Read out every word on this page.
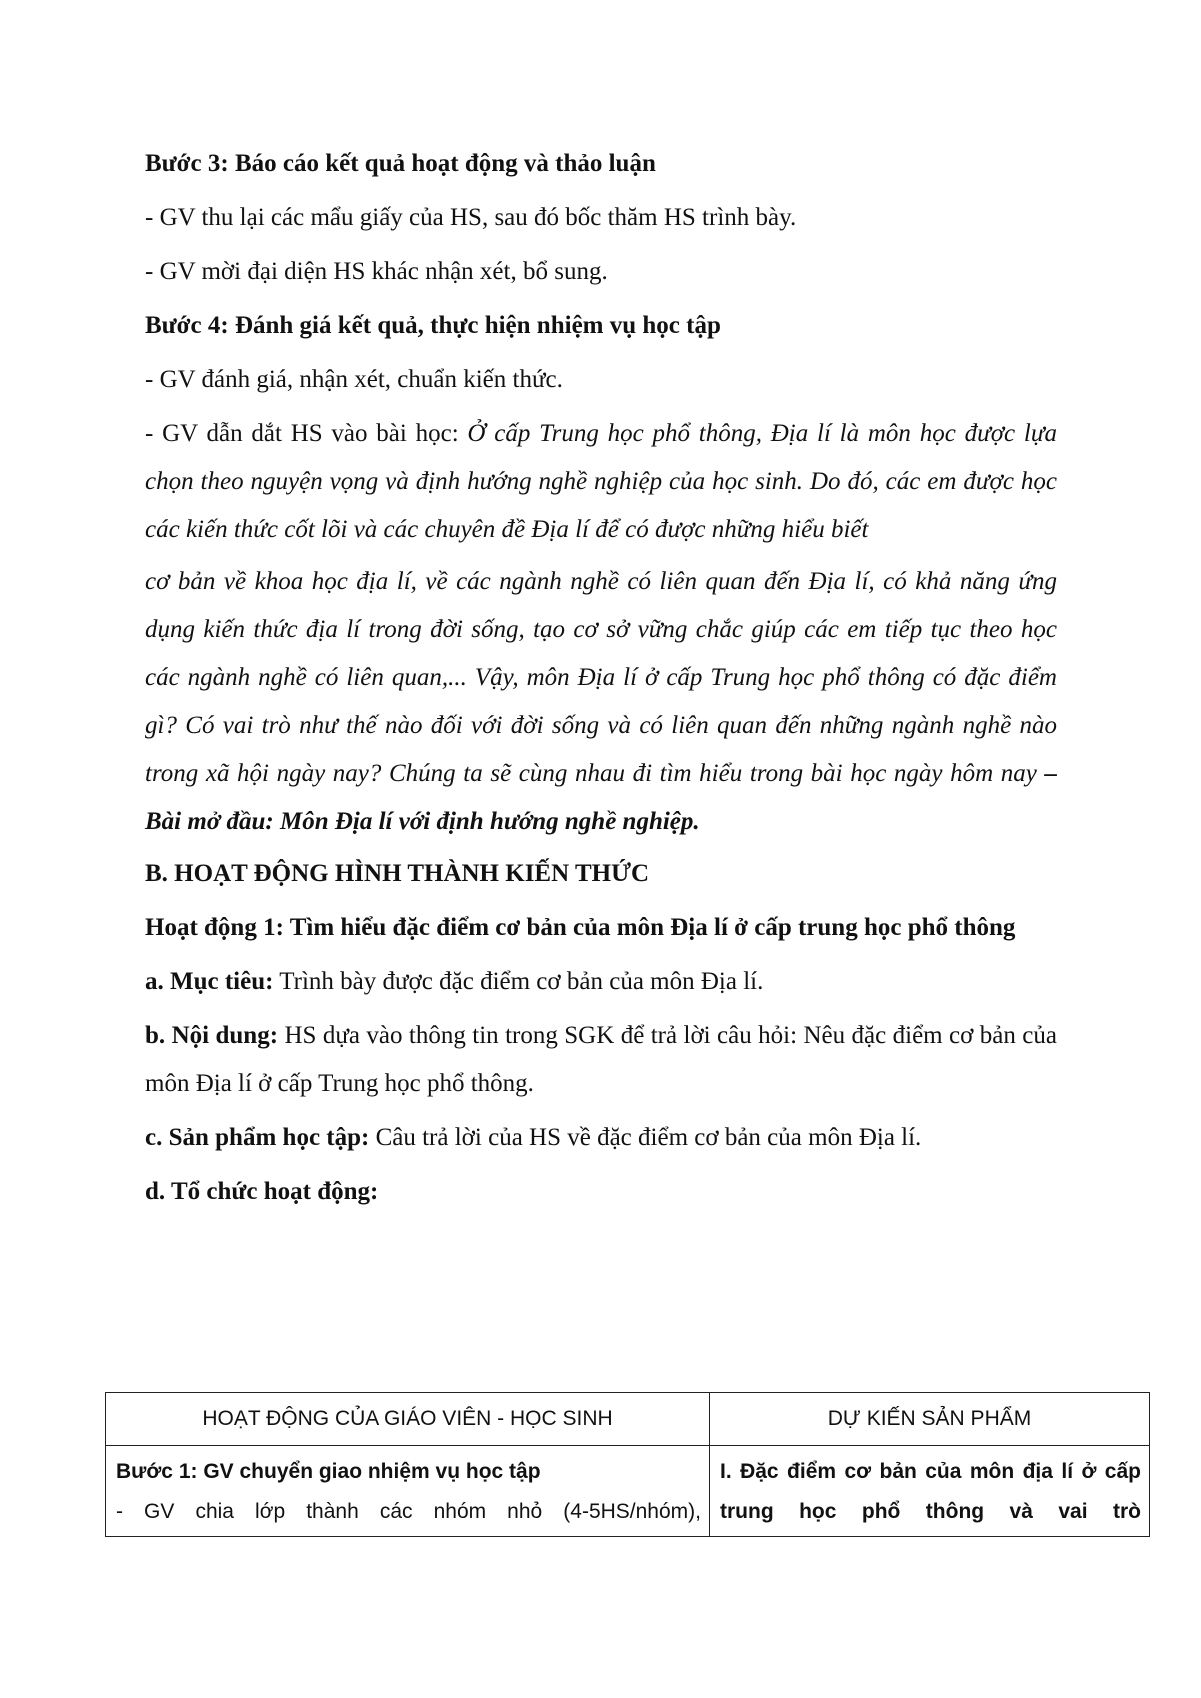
Bước 3: Báo cáo kết quả hoạt động và thảo luận

- GV thu lại các mẩu giấy của HS, sau đó bốc thăm HS trình bày.

- GV mời đại diện HS khác nhận xét, bổ sung.

Bước 4: Đánh giá kết quả, thực hiện nhiệm vụ học tập

- GV đánh giá, nhận xét, chuẩn kiến thức.

- GV dẫn dắt HS vào bài học: Ở cấp Trung học phổ thông, Địa lí là môn học được lựa chọn theo nguyện vọng và định hướng nghề nghiệp của học sinh. Do đó, các em được học các kiến thức cốt lõi và các chuyên đề Địa lí để có được những hiểu biết

cơ bản về khoa học địa lí, về các ngành nghề có liên quan đến Địa lí, có khả năng ứng dụng kiến thức địa lí trong đời sống, tạo cơ sở vững chắc giúp các em tiếp tục theo học các ngành nghề có liên quan,... Vậy, môn Địa lí ở cấp Trung học phổ thông có đặc điểm gì? Có vai trò như thế nào đối với đời sống và có liên quan đến những ngành nghề nào trong xã hội ngày nay? Chúng ta sẽ cùng nhau đi tìm hiểu trong bài học ngày hôm nay – Bài mở đầu: Môn Địa lí với định hướng nghề nghiệp.

B. HOẠT ĐỘNG HÌNH THÀNH KIẾN THỨC

Hoạt động 1: Tìm hiểu đặc điểm cơ bản của môn Địa lí ở cấp trung học phổ thông

a. Mục tiêu: Trình bày được đặc điểm cơ bản của môn Địa lí.

b. Nội dung: HS dựa vào thông tin trong SGK để trả lời câu hỏi: Nêu đặc điểm cơ bản của môn Địa lí ở cấp Trung học phổ thông.

c. Sản phẩm học tập: Câu trả lời của HS về đặc điểm cơ bản của môn Địa lí.

d. Tổ chức hoạt động:

HOẠT ĐỘNG CỦA GIÁO VIÊN - HỌC SINH	DỰ KIẾN SẢN PHẨM

Bước 1: GV chuyển giao nhiệm vụ học tập
- GV chia lớp thành các nhóm nhỏ (4-5HS/nhóm),	I. Đặc điểm cơ bản của môn địa lí ở cấp trung học phổ thông và vai trò
